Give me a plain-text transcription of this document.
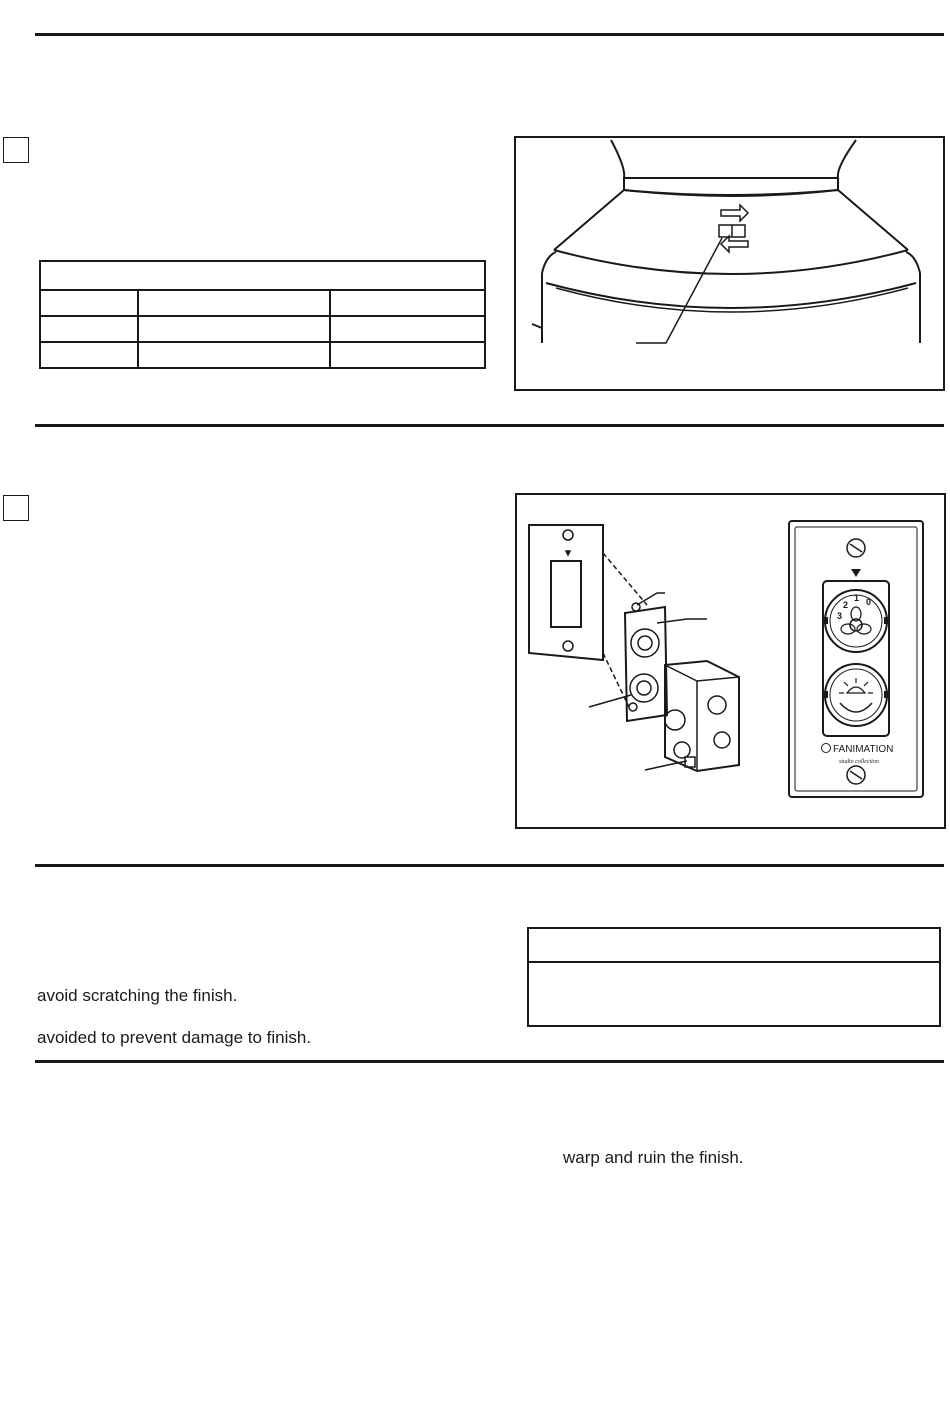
0
1
2
3
FANIMATION
studio collection
avoid scratching the finish.
avoided to prevent damage to finish.
warp and ruin the finish.
